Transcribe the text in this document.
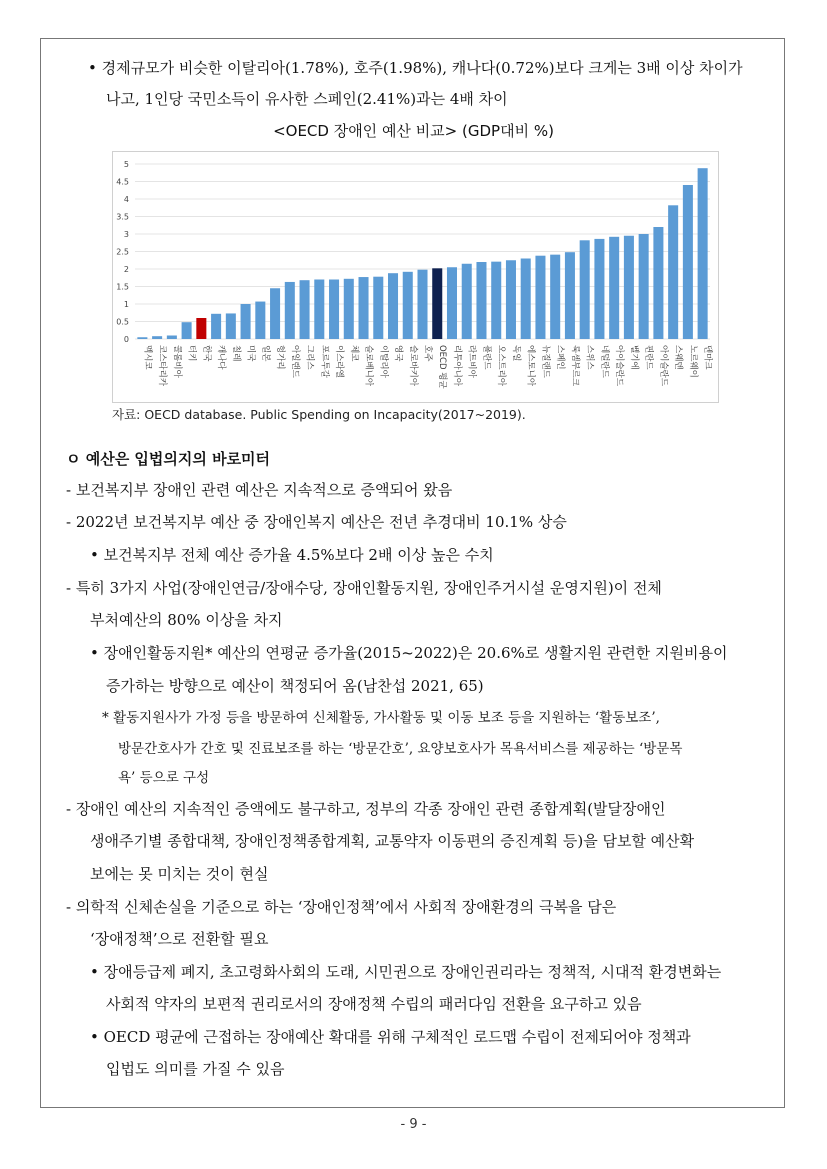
• 경제규모가 비슷한 이탈리아(1.78%), 호주(1.98%), 캐나다(0.72%)보다 크게는 3배 이상 차이가
나고, 1인당 국민소득이 유사한 스페인(2.41%)과는 4배 차이
<OECD 장애인 예산 비교> (GDP대비 %)
0
0.5
1
1.5
2
2.5
3
3.5
4
4.5
5
멕시코 코스타리카 콜롬비아 터키 한국 캐나다 칠레 미국 일본 헝가리 아일랜드 그리스 포르투갈 이스라엘 체코 슬로베니아 이탈리아 영국 슬로바키아 호주 OECD 평균 리투아니아 라트비아 폴란드 오스트리아 독일 에스토니아 뉴질랜드 스페인 룩셈부르크 스위스 네덜란드 아이슬란드 벨기에 핀란드 아이슬란드 스웨덴 노르웨이 덴마크
자료: OECD database. Public Spending on Incapacity(2017~2019).
ㅇ 예산은 입법의지의 바로미터
- 보건복지부 장애인 관련 예산은 지속적으로 증액되어 왔음
- 2022년 보건복지부 예산 중 장애인복지 예산은 전년 추경대비 10.1% 상승
• 보건복지부 전체 예산 증가율 4.5%보다 2배 이상 높은 수치
- 특히 3가지 사업(장애인연금/장애수당, 장애인활동지원, 장애인주거시설 운영지원)이 전체
부처예산의 80% 이상을 차지
• 장애인활동지원* 예산의 연평균 증가율(2015~2022)은 20.6%로 생활지원 관련한 지원비용이
증가하는 방향으로 예산이 책정되어 옴(남찬섭 2021, 65)
* 활동지원사가 가정 등을 방문하여 신체활동, 가사활동 및 이동 보조 등을 지원하는 ‘활동보조’,
방문간호사가 간호 및 진료보조를 하는 ‘방문간호’, 요양보호사가 목욕서비스를 제공하는 ‘방문목
욕’ 등으로 구성
- 장애인 예산의 지속적인 증액에도 불구하고, 정부의 각종 장애인 관련 종합계획(발달장애인
생애주기별 종합대책, 장애인정책종합계획, 교통약자 이동편의 증진계획 등)을 담보할 예산확
보에는 못 미치는 것이 현실
- 의학적 신체손실을 기준으로 하는 ‘장애인정책’에서 사회적 장애환경의 극복을 담은
‘장애정책’으로 전환할 필요
• 장애등급제 폐지, 초고령화사회의 도래, 시민권으로 장애인권리라는 정책적, 시대적 환경변화는
사회적 약자의 보편적 권리로서의 장애정책 수립의 패러다임 전환을 요구하고 있음
• OECD 평균에 근접하는 장애예산 확대를 위해 구체적인 로드맵 수립이 전제되어야 정책과
입법도 의미를 가질 수 있음
- 9 -
